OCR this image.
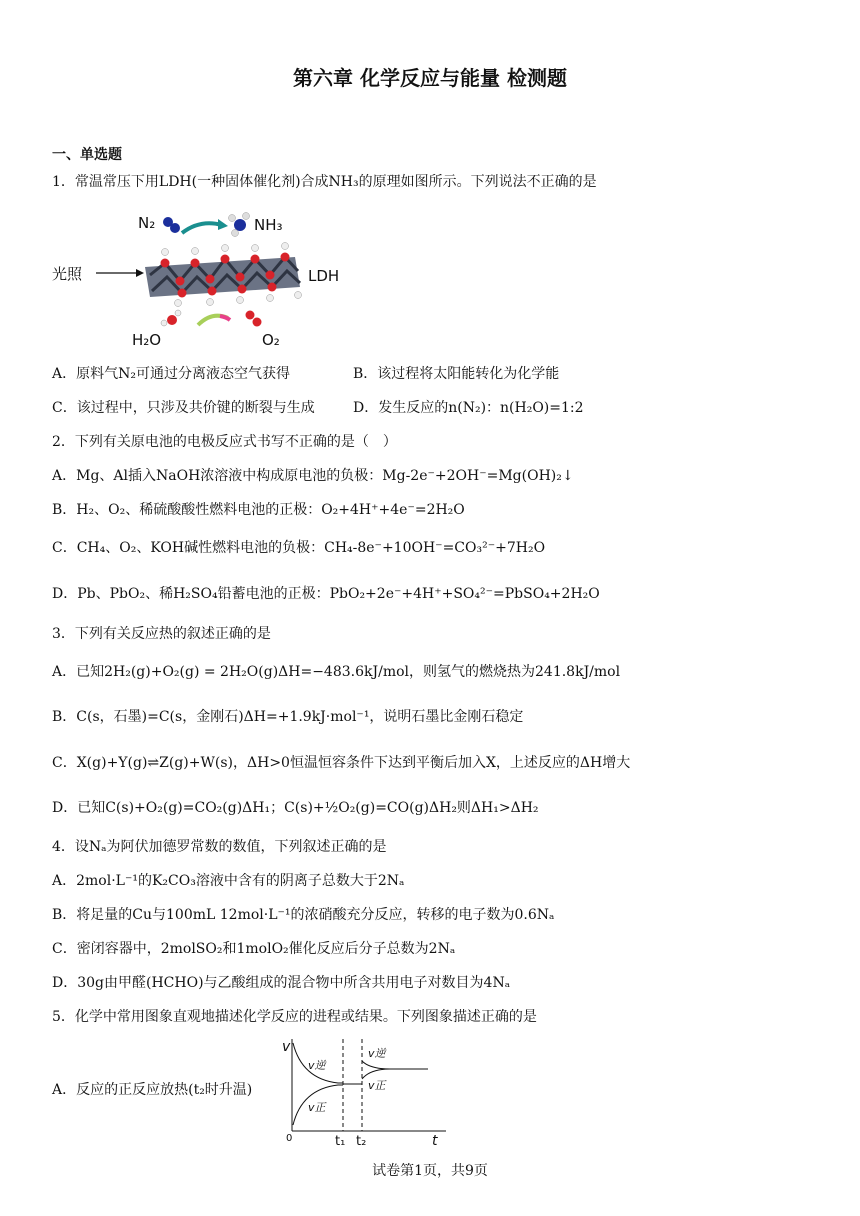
第六章 化学反应与能量 检测题
一、单选题
1．常温常压下用LDH(一种固体催化剂)合成NH₃的原理如图所示。下列说法不正确的是
N₂	NH₃
光照	LDH
H₂O	O₂
A．原料气N₂可通过分离液态空气获得	B．该过程将太阳能转化为化学能
C．该过程中，只涉及共价键的断裂与生成	D．发生反应的n(N₂)：n(H₂O)=1:2
2．下列有关原电池的电极反应式书写不正确的是（　）
A．Mg、Al插入NaOH浓溶液中构成原电池的负极：Mg-2e⁻+2OH⁻=Mg(OH)₂↓
B．H₂、O₂、稀硫酸酸性燃料电池的正极：O₂+4H⁺+4e⁻=2H₂O
C．CH₄、O₂、KOH碱性燃料电池的负极：CH₄-8e⁻+10OH⁻=CO₃²⁻+7H₂O
D．Pb、PbO₂、稀H₂SO₄铅蓄电池的正极：PbO₂+2e⁻+4H⁺+SO₄²⁻=PbSO₄+2H₂O
3．下列有关反应热的叙述正确的是
A．已知2H₂(g)+O₂(g) = 2H₂O(g)ΔH=−483.6kJ/mol，则氢气的燃烧热为241.8kJ/mol
B．C(s，石墨)=C(s，金刚石)ΔH=+1.9kJ·mol⁻¹，说明石墨比金刚石稳定
C．X(g)+Y(g)⇌Z(g)+W(s)，ΔH>0恒温恒容条件下达到平衡后加入X，上述反应的ΔH增大
D．已知C(s)+O₂(g)=CO₂(g)ΔH₁；C(s)+½O₂(g)=CO(g)ΔH₂则ΔH₁>ΔH₂
4．设Nₐ为阿伏加德罗常数的数值，下列叙述正确的是
A．2mol·L⁻¹的K₂CO₃溶液中含有的阴离子总数大于2Nₐ
B．将足量的Cu与100mL 12mol·L⁻¹的浓硝酸充分反应，转移的电子数为0.6Nₐ
C．密闭容器中，2molSO₂和1molO₂催化反应后分子总数为2Nₐ
D．30g由甲醛(HCHO)与乙酸组成的混合物中所含共用电子对数目为4Nₐ
5．化学中常用图象直观地描述化学反应的进程或结果。下列图象描述正确的是
A．反应的正反应放热(t₂时升温)
v
0	t
v逆
v正
v逆
v正
t₁ t₂
试卷第1页，共9页
